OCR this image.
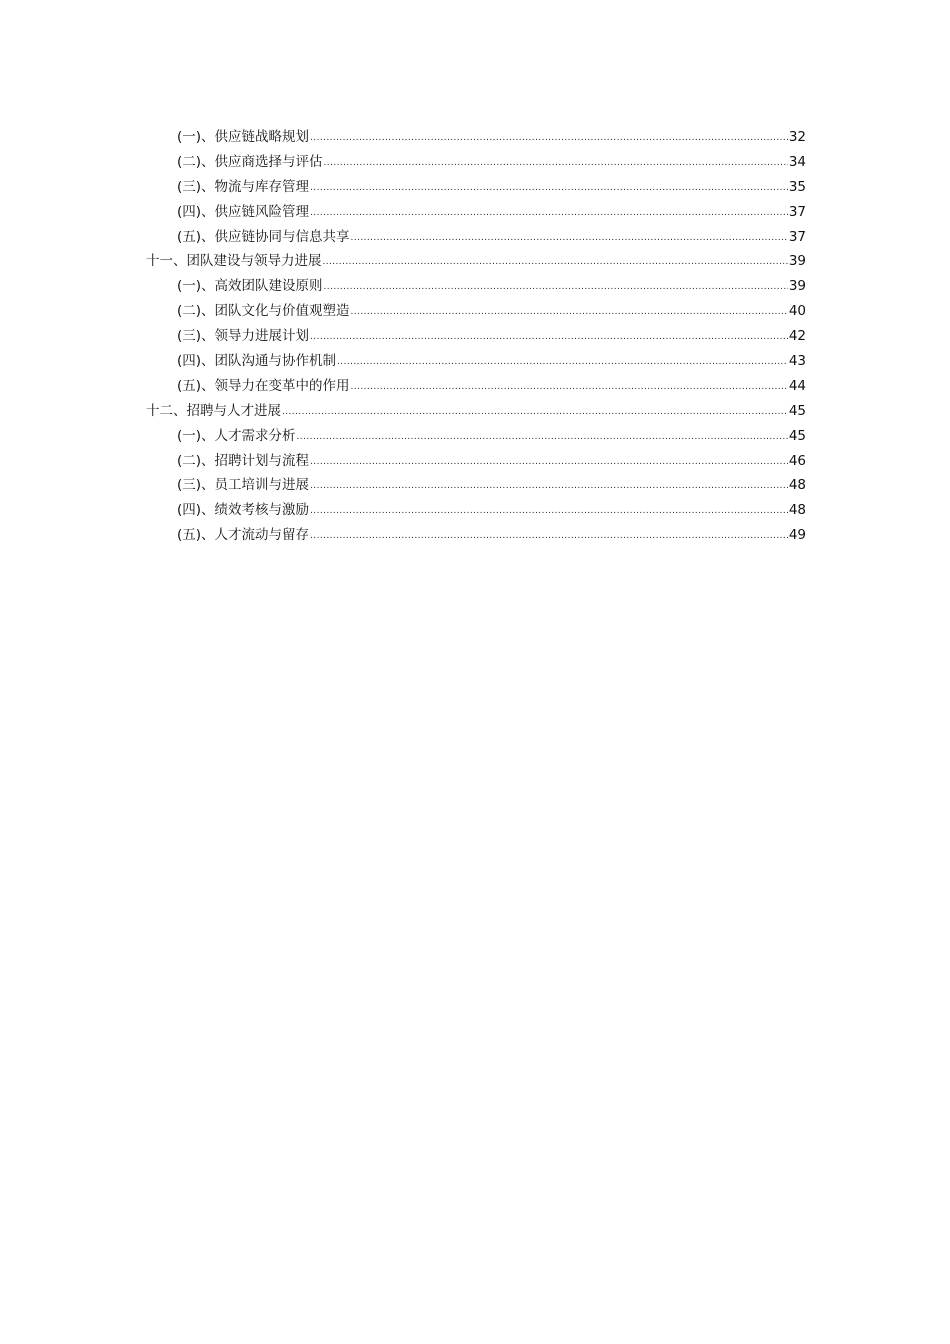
(一)、供应链战略规划 .....	32
(二)、供应商选择与评估 .....	34
(三)、物流与库存管理 .....	35
(四)、供应链风险管理 .....	37
(五)、供应链协同与信息共享 .....	37
十一、团队建设与领导力进展 .....	39
(一)、高效团队建设原则 .....	39
(二)、团队文化与价值观塑造 .....	40
(三)、领导力进展计划 .....	42
(四)、团队沟通与协作机制 .....	43
(五)、领导力在变革中的作用 .....	44
十二、招聘与人才进展 .....	45
(一)、人才需求分析 .....	45
(二)、招聘计划与流程 .....	46
(三)、员工培训与进展 .....	48
(四)、绩效考核与激励 .....	48
(五)、人才流动与留存 .....	49
